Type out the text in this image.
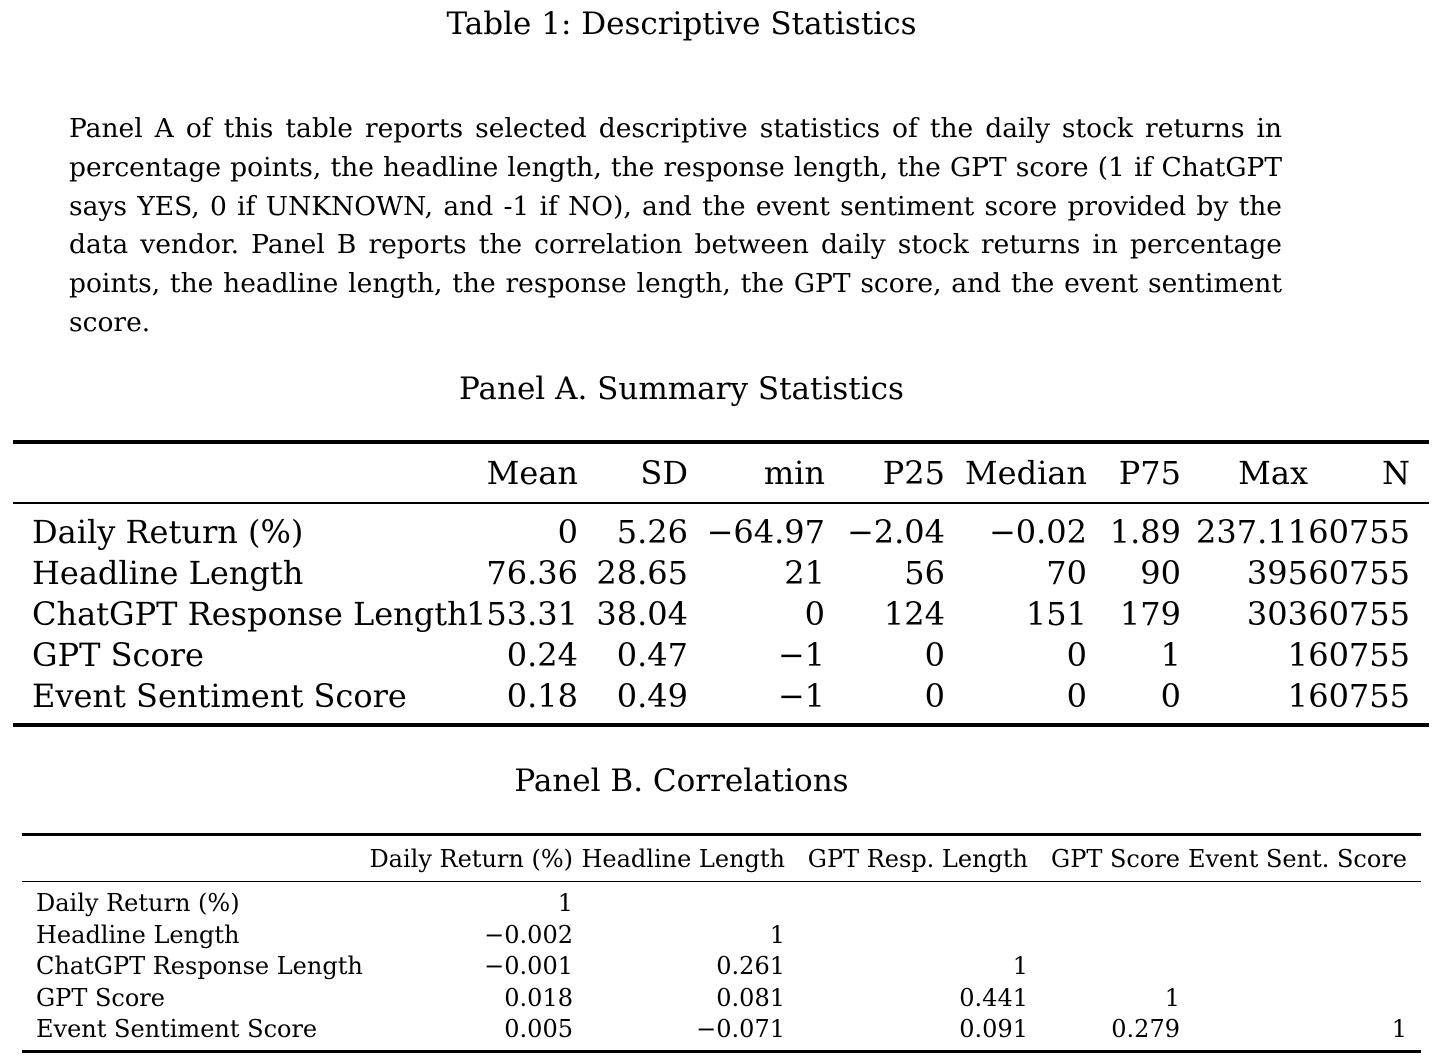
Table 1: Descriptive Statistics
Panel A of this table reports selected descriptive statistics of the daily stock returns in percentage points, the headline length, the response length, the GPT score (1 if ChatGPT says YES, 0 if UNKNOWN, and -1 if NO), and the event sentiment score provided by the data vendor. Panel B reports the correlation between daily stock returns in percentage points, the headline length, the response length, the GPT score, and the event sentiment score.
Panel A. Summary Statistics
	Mean	SD	min	P25	Median	P75	Max	N
Daily Return (%)	0	5.26	−64.97	−2.04	−0.02	1.89	237.11	60755
Headline Length	76.36	28.65	21	56	70	90	395	60755
ChatGPT Response Length	153.31	38.04	0	124	151	179	303	60755
GPT Score	0.24	0.47	−1	0	0	1	1	60755
Event Sentiment Score	0.18	0.49	−1	0	0	0	1	60755
Panel B. Correlations
	Daily Return (%)	Headline Length	GPT Resp. Length	GPT Score	Event Sent. Score
Daily Return (%)	1				
Headline Length	−0.002	1			
ChatGPT Response Length	−0.001	0.261	1		
GPT Score	0.018	0.081	0.441	1	
Event Sentiment Score	0.005	−0.071	0.091	0.279	1
